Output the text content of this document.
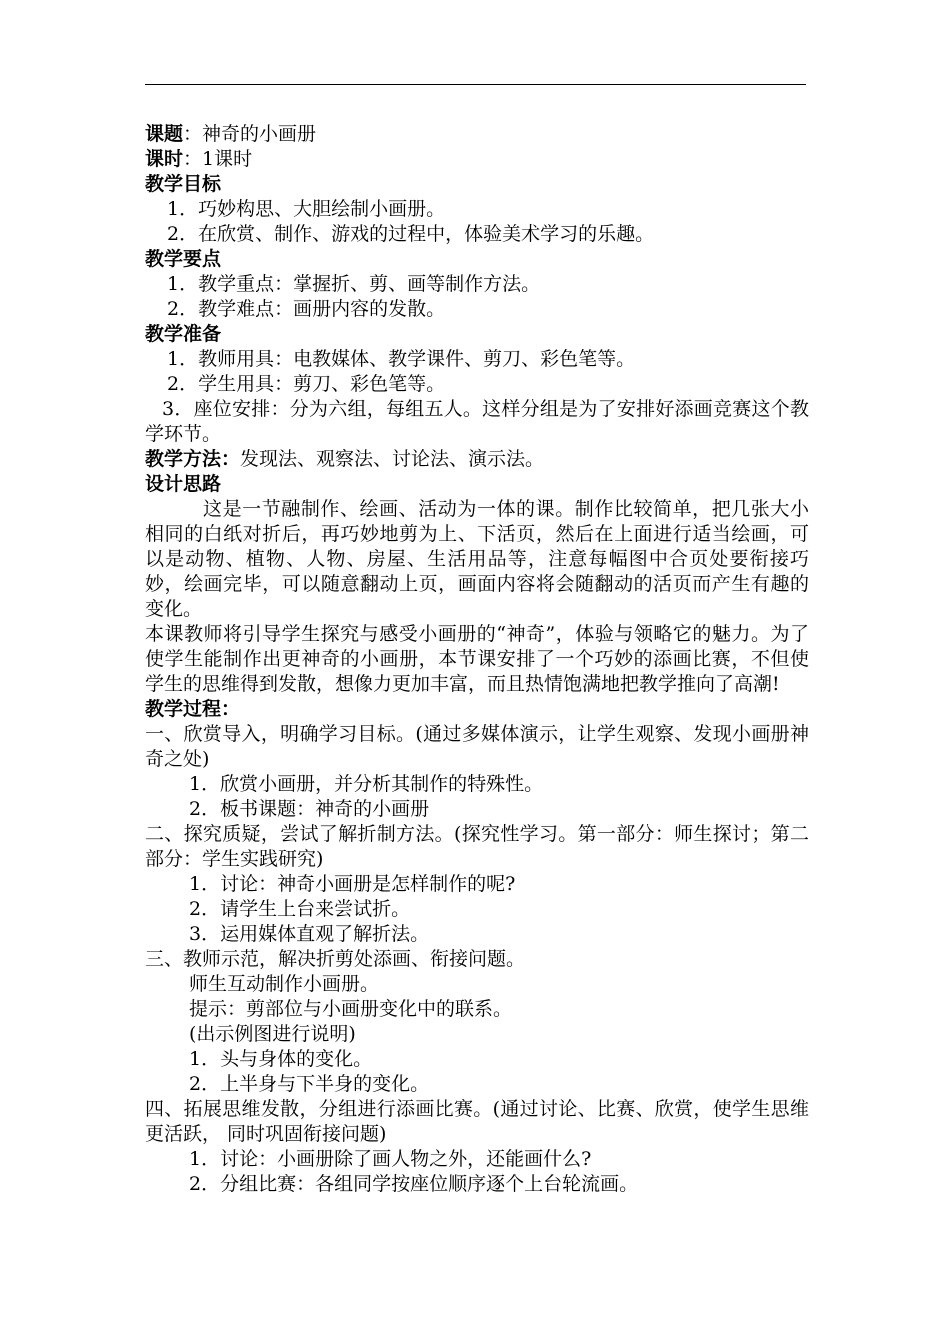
课题：神奇的小画册
课时：1课时
教学目标
1．巧妙构思、大胆绘制小画册。
2．在欣赏、制作、游戏的过程中，体验美术学习的乐趣。
教学要点
1．教学重点：掌握折、剪、画等制作方法。
2．教学难点：画册内容的发散。
教学准备
1．教师用具：电教媒体、教学课件、剪刀、彩色笔等。
2．学生用具：剪刀、彩色笔等。
3．座位安排：分为六组，每组五人。这样分组是为了安排好添画竞赛这个教学环节。
教学方法：发现法、观察法、讨论法、演示法。
设计思路
这是一节融制作、绘画、活动为一体的课。制作比较简单，把几张大小相同的白纸对折后，再巧妙地剪为上、下活页，然后在上面进行适当绘画，可以是动物、植物、人物、房屋、生活用品等，注意每幅图中合页处要衔接巧妙，绘画完毕，可以随意翻动上页，画面内容将会随翻动的活页而产生有趣的变化。
本课教师将引导学生探究与感受小画册的“神奇”，体验与领略它的魅力。为了使学生能制作出更神奇的小画册，本节课安排了一个巧妙的添画比赛，不但使学生的思维得到发散，想像力更加丰富，而且热情饱满地把教学推向了高潮!
教学过程：
一、欣赏导入，明确学习目标。(通过多媒体演示，让学生观察、发现小画册神奇之处)
1．欣赏小画册，并分析其制作的特殊性。
2．板书课题：神奇的小画册
二、探究质疑，尝试了解折制方法。(探究性学习。第一部分：师生探讨；第二部分：学生实践研究)
1．讨论：神奇小画册是怎样制作的呢?
2．请学生上台来尝试折。
3．运用媒体直观了解折法。
三、教师示范，解决折剪处添画、衔接问题。
师生互动制作小画册。
提示：剪部位与小画册变化中的联系。
(出示例图进行说明)
1．头与身体的变化。
2．上半身与下半身的变化。
四、拓展思维发散，分组进行添画比赛。(通过讨论、比赛、欣赏，使学生思维更活跃， 同时巩固衔接问题)
1．讨论：小画册除了画人物之外，还能画什么?
2．分组比赛：各组同学按座位顺序逐个上台轮流画。
